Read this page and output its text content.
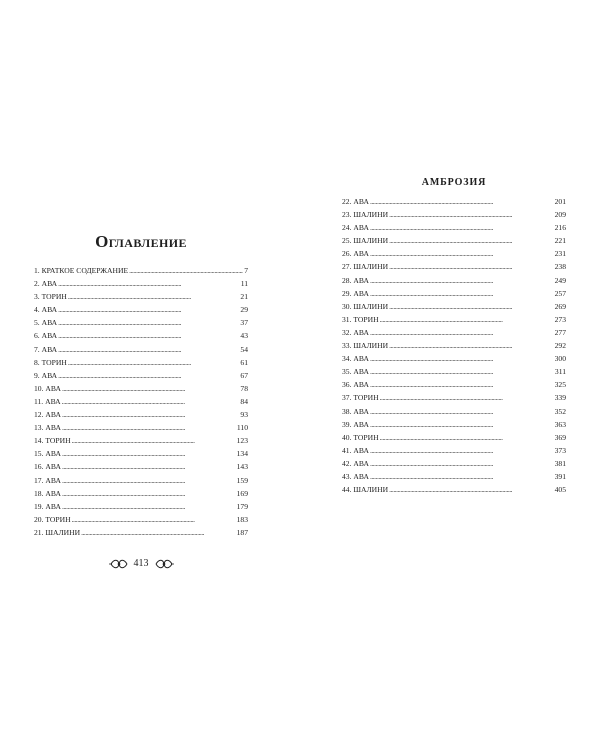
Оглавление
1. КРАТКОЕ СОДЕРЖАНИЕ . . .	7
2. АВА . . .	11
3. ТОРИН . . .	21
4. АВА . . .	29
5. АВА . . .	37
6. АВА . . .	43
7. АВА . . .	54
8. ТОРИН . . .	61
9. АВА . . .	67
10. АВА . . .	78
11. АВА . . .	84
12. АВА . . .	93
13. АВА . . .	110
14. ТОРИН . . .	123
15. АВА . . .	134
16. АВА . . .	143
17. АВА . . .	159
18. АВА . . .	169
19. АВА . . .	179
20. ТОРИН . . .	183
21. ШАЛИНИ . . .	187
АМБРОЗИЯ
22. АВА . . .	201
23. ШАЛИНИ . . .	209
24. АВА . . .	216
25. ШАЛИНИ . . .	221
26. АВА . . .	231
27. ШАЛИНИ . . .	238
28. АВА . . .	249
29. АВА . . .	257
30. ШАЛИНИ . . .	269
31. ТОРИН . . .	273
32. АВА . . .	277
33. ШАЛИНИ . . .	292
34. АВА . . .	300
35. АВА . . .	311
36. АВА . . .	325
37. ТОРИН . . .	339
38. АВА . . .	352
39. АВА . . .	363
40. ТОРИН . . .	369
41. АВА . . .	373
42. АВА . . .	381
43. АВА . . .	391
44. ШАЛИНИ . . .	405
413
